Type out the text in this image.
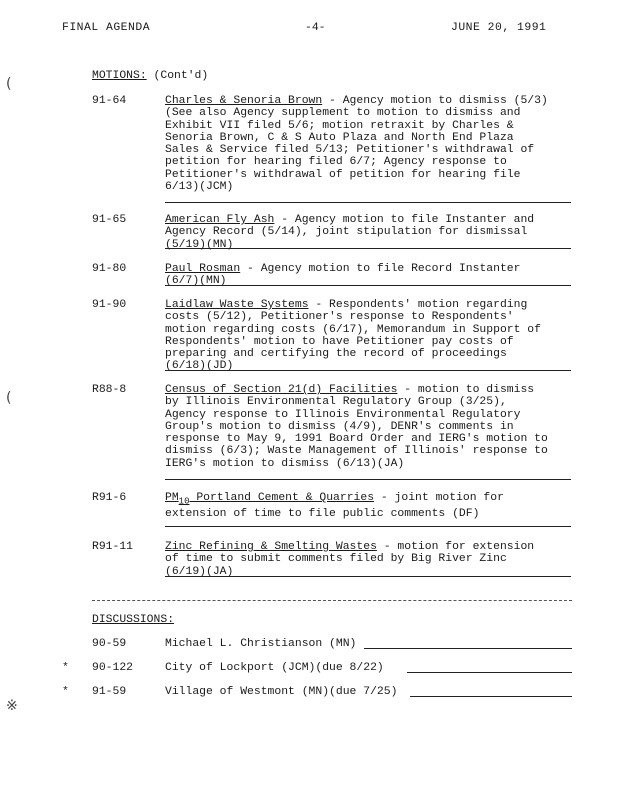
FINAL AGENDA	-4-	JUNE 20, 1991
(
(
※
MOTIONS: (Cont'd)
91-64	Charles & Senoria Brown - Agency motion to dismiss (5/3)
(See also Agency supplement to motion to dismiss and
Exhibit VII filed 5/6; motion retraxit by Charles &
Senoria Brown, C & S Auto Plaza and North End Plaza
Sales & Service filed 5/13; Petitioner's withdrawal of
petition for hearing filed 6/7; Agency response to
Petitioner's withdrawal of petition for hearing file
6/13)(JCM)
91-65	American Fly Ash - Agency motion to file Instanter and
Agency Record (5/14), joint stipulation for dismissal
(5/19)(MN)
91-80	Paul Rosman - Agency motion to file Record Instanter
(6/7)(MN)
91-90	Laidlaw Waste Systems - Respondents' motion regarding
costs (5/12), Petitioner's response to Respondents'
motion regarding costs (6/17), Memorandum in Support of
Respondents' motion to have Petitioner pay costs of
preparing and certifying the record of proceedings
(6/18)(JD)
R88-8	Census of Section 21(d) Facilities - motion to dismiss
by Illinois Environmental Regulatory Group (3/25),
Agency response to Illinois Environmental Regulatory
Group's motion to dismiss (4/9), DENR's comments in
response to May 9, 1991 Board Order and IERG's motion to
dismiss (6/3); Waste Management of Illinois' response to
IERG's motion to dismiss (6/13)(JA)
R91-6	$PM_{10}$ Portland Cement & Quarries - joint motion for
extension of time to file public comments (DF)
R91-11	Zinc Refining & Smelting Wastes - motion for extension
of time to submit comments filed by Big River Zinc
(6/19)(JA)
DISCUSSIONS:
90-59	Michael L. Christianson (MN)
* 90-122	City of Lockport (JCM)(due 8/22)
* 91-59	Village of Westmont (MN)(due 7/25)
